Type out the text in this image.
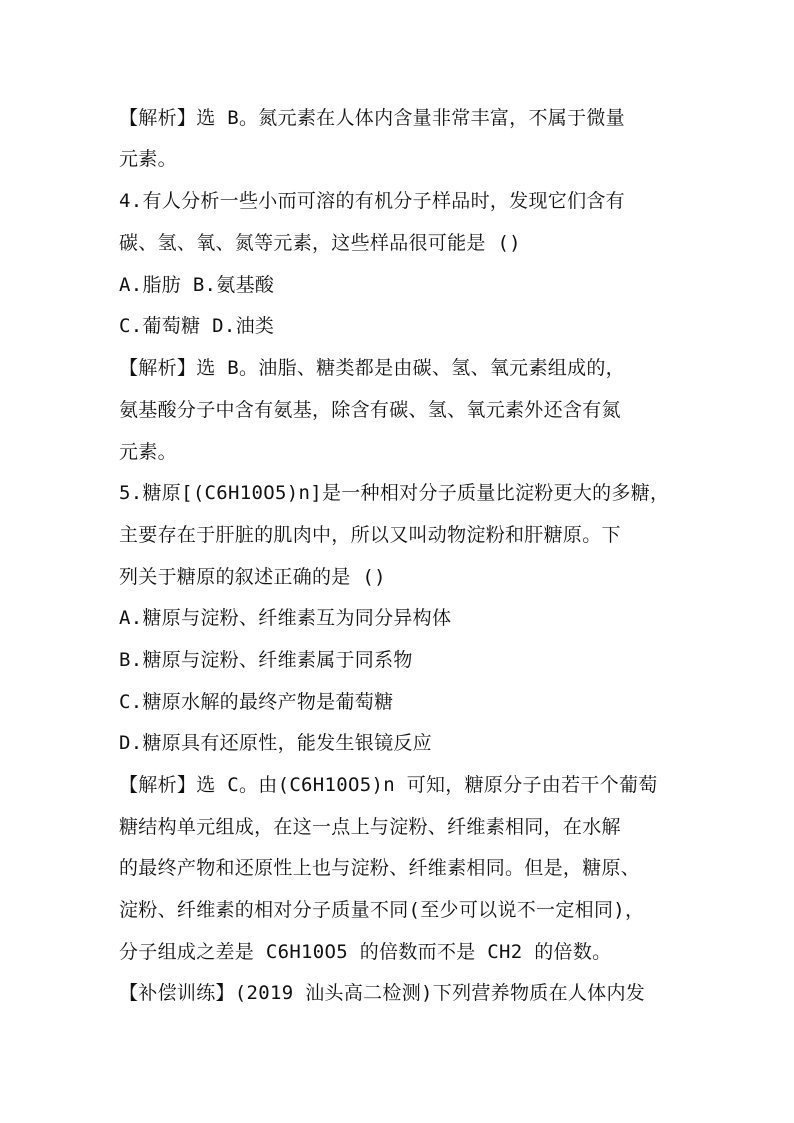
【解析】选 B。氮元素在人体内含量非常丰富，不属于微量
元素。
4.有人分析一些小而可溶的有机分子样品时，发现它们含有
碳、氢、氧、氮等元素，这些样品很可能是 ()
A.脂肪 B.氨基酸
C.葡萄糖 D.油类
【解析】选 B。油脂、糖类都是由碳、氢、氧元素组成的，
氨基酸分子中含有氨基，除含有碳、氢、氧元素外还含有氮
元素。
5.糖原[(C6H10O5)n]是一种相对分子质量比淀粉更大的多糖，
主要存在于肝脏的肌肉中，所以又叫动物淀粉和肝糖原。下
列关于糖原的叙述正确的是 ()
A.糖原与淀粉、纤维素互为同分异构体
B.糖原与淀粉、纤维素属于同系物
C.糖原水解的最终产物是葡萄糖
D.糖原具有还原性，能发生银镜反应
【解析】选 C。由(C6H10O5)n 可知，糖原分子由若干个葡萄
糖结构单元组成，在这一点上与淀粉、纤维素相同，在水解
的最终产物和还原性上也与淀粉、纤维素相同。但是，糖原、
淀粉、纤维素的相对分子质量不同(至少可以说不一定相同)，
分子组成之差是 C6H10O5 的倍数而不是 CH2 的倍数。
【补偿训练】(2019 汕头高二检测)下列营养物质在人体内发
